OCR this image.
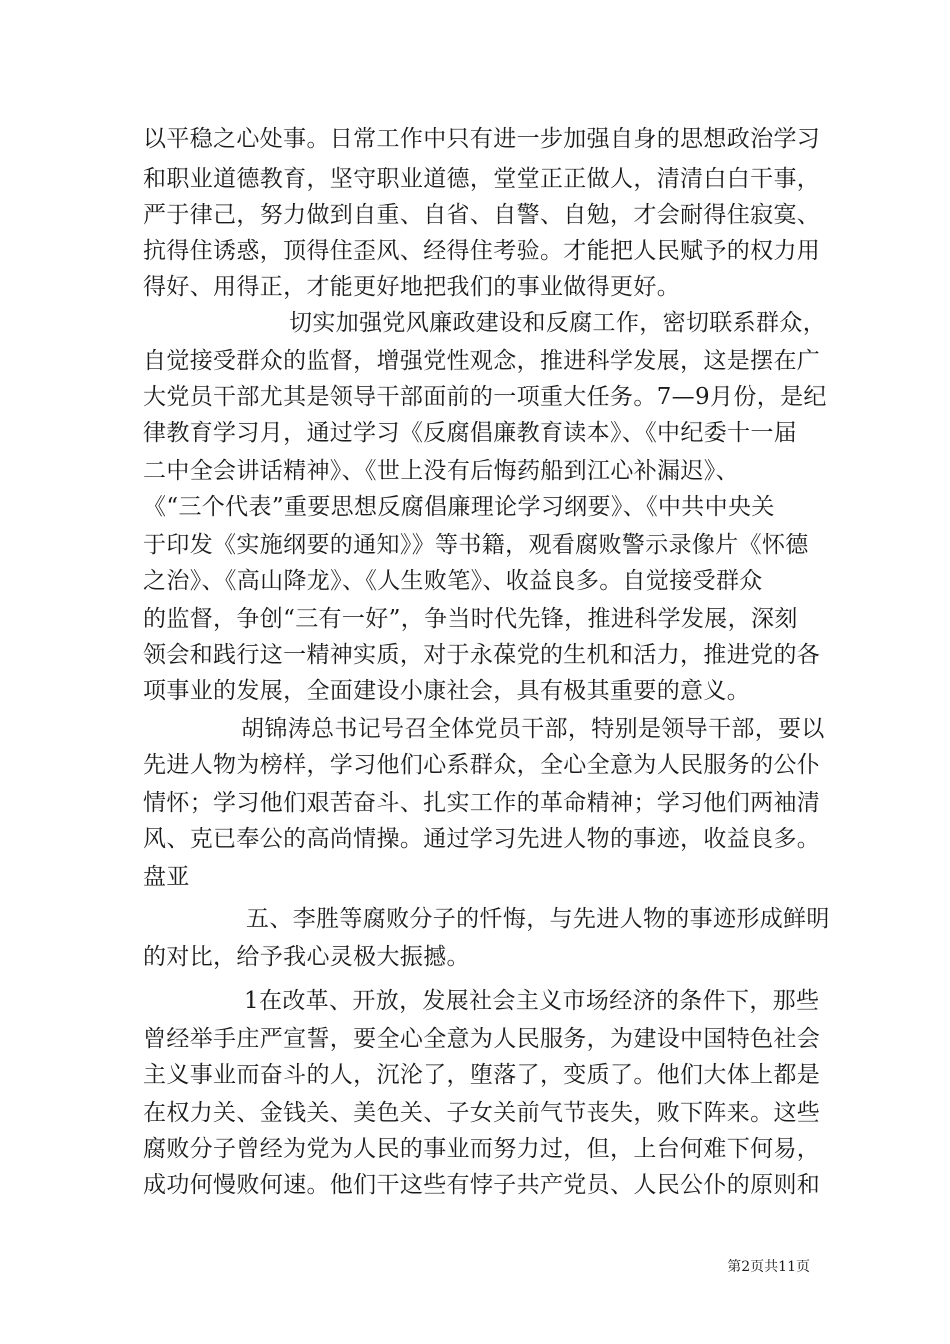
以平稳之心处事。日常工作中只有进一步加强自身的思想政治学习
和职业道德教育，坚守职业道德，堂堂正正做人，清清白白干事，
严于律己，努力做到自重、自省、自警、自勉，才会耐得住寂寞、
抗得住诱惑，顶得住歪风、经得住考验。才能把人民赋予的权力用
得好、用得正，才能更好地把我们的事业做得更好。
切实加强党风廉政建设和反腐工作，密切联系群众，
自觉接受群众的监督，增强党性观念，推进科学发展，这是摆在广
大党员干部尤其是领导干部面前的一项重大任务。7—9月份，是纪
律教育学习月，通过学习《反腐倡廉教育读本》、《中纪委十一届
二中全会讲话精神》、《世上没有后悔药船到江心补漏迟》、
《“三个代表”重要思想反腐倡廉理论学习纲要》、《中共中央关
于印发《实施纲要的通知》》等书籍，观看腐败警示录像片《怀德
之治》、《高山降龙》、《人生败笔》、收益良多。自觉接受群众
的监督，争创“三有一好”，争当时代先锋，推进科学发展，深刻
领会和践行这一精神实质，对于永葆党的生机和活力，推进党的各
项事业的发展，全面建设小康社会，具有极其重要的意义。
胡锦涛总书记号召全体党员干部，特别是领导干部，要以
先进人物为榜样，学习他们心系群众，全心全意为人民服务的公仆
情怀；学习他们艰苦奋斗、扎实工作的革命精神；学习他们两袖清
风、克已奉公的高尚情操。通过学习先进人物的事迹，收益良多。
盘亚
五、李胜等腐败分子的忏悔，与先进人物的事迹形成鲜明
的对比，给予我心灵极大振撼。
1在改革、开放，发展社会主义市场经济的条件下，那些
曾经举手庄严宣誓，要全心全意为人民服务，为建设中国特色社会
主义事业而奋斗的人，沉沦了，堕落了，变质了。他们大体上都是
在权力关、金钱关、美色关、子女关前气节丧失，败下阵来。这些
腐败分子曾经为党为人民的事业而努力过，但，上台何难下何易，
成功何慢败何速。他们干这些有悖子共产党员、人民公仆的原则和
第2页共11页
